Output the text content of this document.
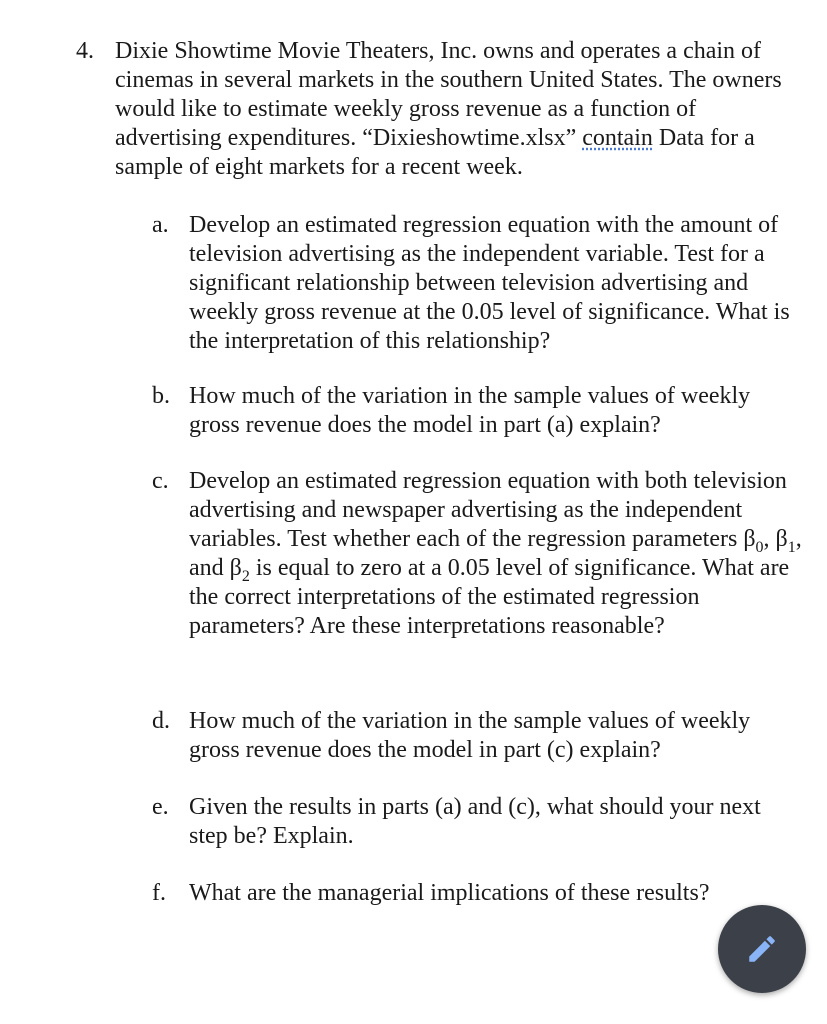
4. Dixie Showtime Movie Theaters, Inc. owns and operates a chain of cinemas in several markets in the southern United States. The owners would like to estimate weekly gross revenue as a function of advertising expenditures. “Dixieshowtime.xlsx” contain Data for a sample of eight markets for a recent week.
a. Develop an estimated regression equation with the amount of television advertising as the independent variable. Test for a significant relationship between television advertising and weekly gross revenue at the 0.05 level of significance. What is the interpretation of this relationship?
b. How much of the variation in the sample values of weekly gross revenue does the model in part (a) explain?
c. Develop an estimated regression equation with both television advertising and newspaper advertising as the independent variables. Test whether each of the regression parameters $\beta_0$, $\beta_1$, and $\beta_2$ is equal to zero at a 0.05 level of significance. What are the correct interpretations of the estimated regression parameters? Are these interpretations reasonable?
d. How much of the variation in the sample values of weekly gross revenue does the model in part (c) explain?
e. Given the results in parts (a) and (c), what should your next step be? Explain.
f. What are the managerial implications of these results?
